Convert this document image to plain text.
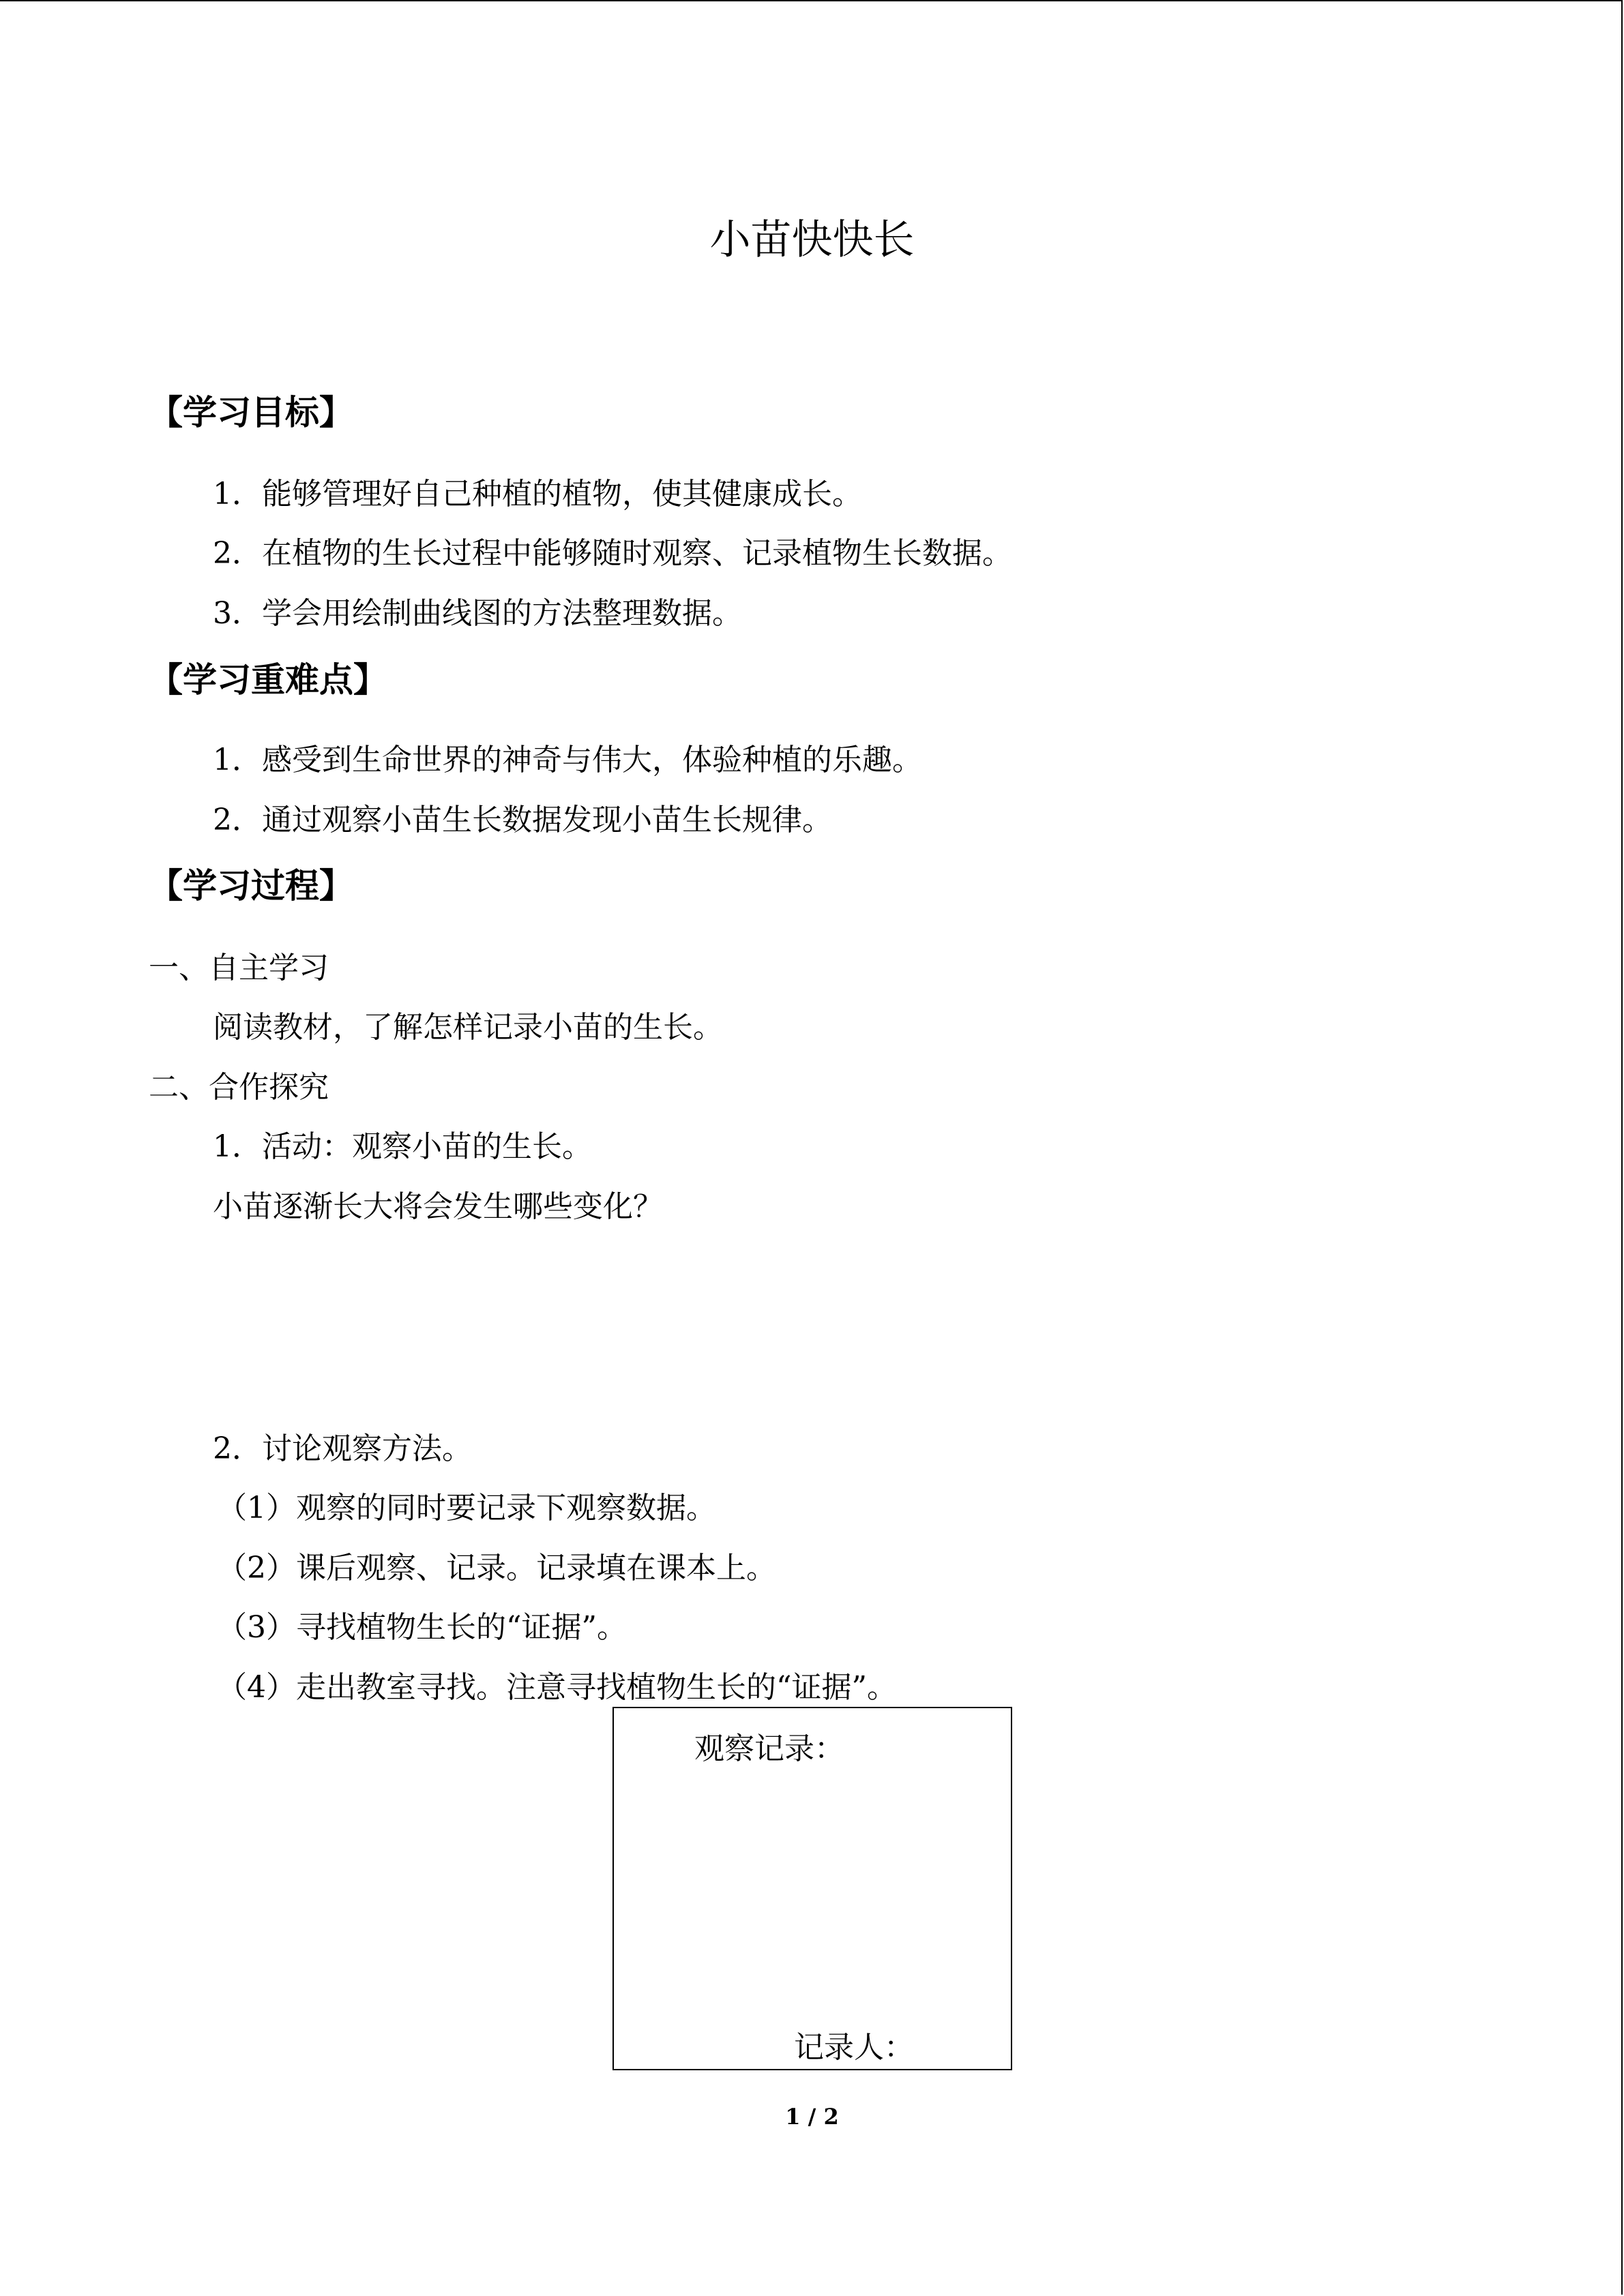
小苗快快长
【学习目标】
1．能够管理好自己种植的植物，使其健康成长。
2．在植物的生长过程中能够随时观察、记录植物生长数据。
3．学会用绘制曲线图的方法整理数据。
【学习重难点】
1．感受到生命世界的神奇与伟大，体验种植的乐趣。
2．通过观察小苗生长数据发现小苗生长规律。
【学习过程】
一、自主学习
阅读教材，了解怎样记录小苗的生长。
二、合作探究
1．活动：观察小苗的生长。
小苗逐渐长大将会发生哪些变化？
2．讨论观察方法。
（1）观察的同时要记录下观察数据。
（2）课后观察、记录。记录填在课本上。
（3）寻找植物生长的“证据”。
（4）走出教室寻找。注意寻找植物生长的“证据”。
观察记录：
记录人：
1 / 2
